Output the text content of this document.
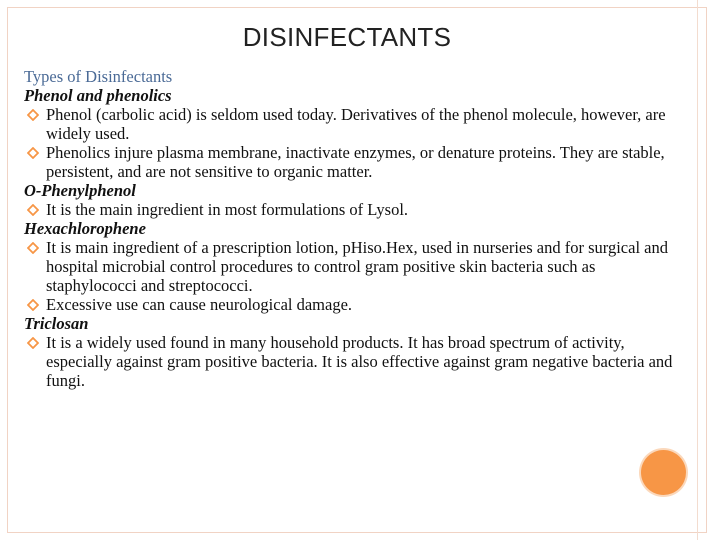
DISINFECTANTS

Types of Disinfectants

Phenol and phenolics

Phenol (carbolic acid) is seldom used today. Derivatives of the phenol molecule, however, are widely used.

Phenolics injure plasma membrane, inactivate enzymes, or denature proteins. They are stable, persistent, and are not sensitive to organic matter.

O-Phenylphenol

It is the main ingredient in most formulations of Lysol.

Hexachlorophene

It is main ingredient of a prescription lotion, pHiso.Hex, used in nurseries and for surgical and hospital microbial control procedures to control gram positive skin bacteria such as staphylococci and streptococci.

Excessive use can cause neurological damage.

Triclosan

It is a widely used found in many household products. It has broad spectrum of activity, especially against gram positive bacteria. It is also effective against gram negative bacteria and fungi.
